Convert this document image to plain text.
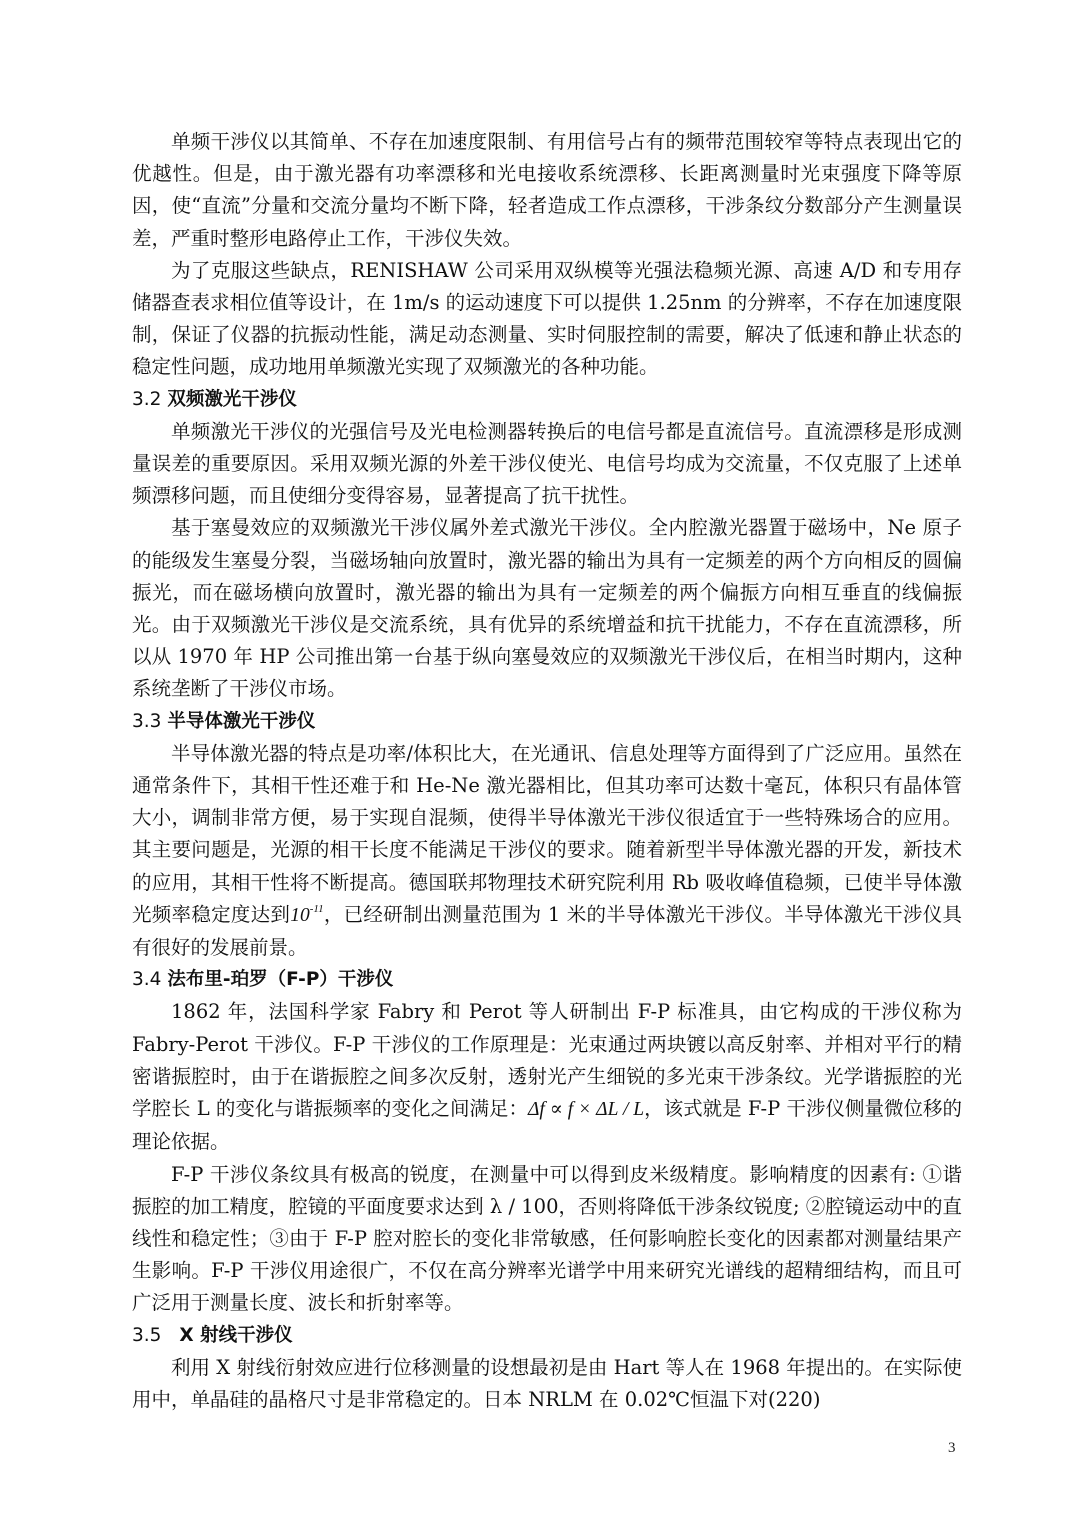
单频干涉仪以其简单、不存在加速度限制、有用信号占有的频带范围较窄等特点表现出它的优越性。但是，由于激光器有功率漂移和光电接收系统漂移、长距离测量时光束强度下降等原因，使“直流”分量和交流分量均不断下降，轻者造成工作点漂移，干涉条纹分数部分产生测量误差，严重时整形电路停止工作，干涉仪失效。

为了克服这些缺点，RENISHAW 公司采用双纵模等光强法稳频光源、高速 A/D 和专用存储器查表求相位值等设计，在 1m/s 的运动速度下可以提供 1.25nm 的分辨率，不存在加速度限制，保证了仪器的抗振动性能，满足动态测量、实时伺服控制的需要，解决了低速和静止状态的稳定性问题，成功地用单频激光实现了双频激光的各种功能。

3.2 双频激光干涉仪

单频激光干涉仪的光强信号及光电检测器转换后的电信号都是直流信号。直流漂移是形成测量误差的重要原因。采用双频光源的外差干涉仪使光、电信号均成为交流量，不仅克服了上述单频漂移问题，而且使细分变得容易，显著提高了抗干扰性。

基于塞曼效应的双频激光干涉仪属外差式激光干涉仪。全内腔激光器置于磁场中，Ne 原子的能级发生塞曼分裂，当磁场轴向放置时，激光器的输出为具有一定频差的两个方向相反的圆偏振光，而在磁场横向放置时，激光器的输出为具有一定频差的两个偏振方向相互垂直的线偏振光。由于双频激光干涉仪是交流系统，具有优异的系统增益和抗干扰能力，不存在直流漂移，所以从 1970 年 HP 公司推出第一台基于纵向塞曼效应的双频激光干涉仪后，在相当时期内，这种系统垄断了干涉仪市场。

3.3 半导体激光干涉仪

半导体激光器的特点是功率/体积比大，在光通讯、信息处理等方面得到了广泛应用。虽然在通常条件下，其相干性还难于和 He-Ne 激光器相比，但其功率可达数十毫瓦，体积只有晶体管大小，调制非常方便，易于实现自混频，使得半导体激光干涉仪很适宜于一些特殊场合的应用。其主要问题是，光源的相干长度不能满足干涉仪的要求。随着新型半导体激光器的开发，新技术的应用，其相干性将不断提高。德国联邦物理技术研究院利用 Rb 吸收峰值稳频，已使半导体激光频率稳定度达到$10^{-11}$，已经研制出测量范围为 1 米的半导体激光干涉仪。半导体激光干涉仪具有很好的发展前景。

3.4 法布里-珀罗（F-P）干涉仪

1862 年，法国科学家 Fabry 和 Perot 等人研制出 F-P 标准具，由它构成的干涉仪称为 Fabry-Perot 干涉仪。F-P 干涉仪的工作原理是：光束通过两块镀以高反射率、并相对平行的精密谐振腔时，由于在谐振腔之间多次反射，透射光产生细锐的多光束干涉条纹。光学谐振腔的光学腔长 L 的变化与谐振频率的变化之间满足：Δf ∝ f × ΔL / L，该式就是 F-P 干涉仪侧量微位移的理论依据。

F-P 干涉仪条纹具有极高的锐度，在测量中可以得到皮米级精度。影响精度的因素有: ①谐振腔的加工精度，腔镜的平面度要求达到 λ / 100，否则将降低干涉条纹锐度; ②腔镜运动中的直线性和稳定性；③由于 F-P 腔对腔长的变化非常敏感，任何影响腔长变化的因素都对测量结果产生影响。F-P 干涉仪用途很广，不仅在高分辨率光谱学中用来研究光谱线的超精细结构，而且可广泛用于测量长度、波长和折射率等。

3.5 X 射线干涉仪

利用 X 射线衍射效应进行位移测量的设想最初是由 Hart 等人在 1968 年提出的。在实际使用中，单晶硅的晶格尺寸是非常稳定的。日本 NRLM 在 0.02℃恒温下对(220)

3
